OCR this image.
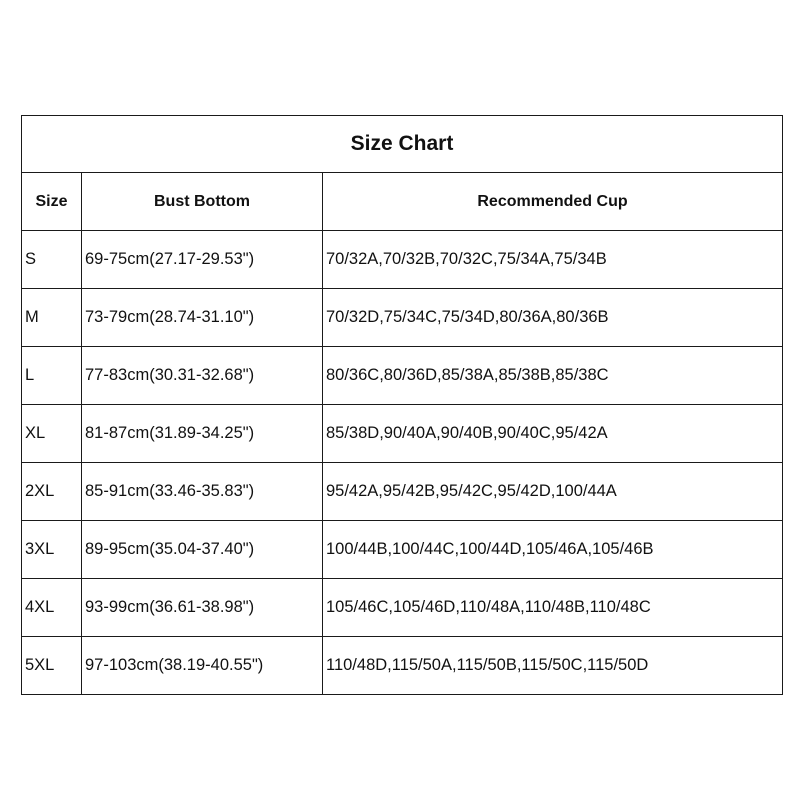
Size Chart		
Size	Bust Bottom	Recommended Cup
S	69-75cm(27.17-29.53")	70/32A,70/32B,70/32C,75/34A,75/34B
M	73-79cm(28.74-31.10")	70/32D,75/34C,75/34D,80/36A,80/36B
L	77-83cm(30.31-32.68")	80/36C,80/36D,85/38A,85/38B,85/38C
XL	81-87cm(31.89-34.25")	85/38D,90/40A,90/40B,90/40C,95/42A
2XL	85-91cm(33.46-35.83")	95/42A,95/42B,95/42C,95/42D,100/44A
3XL	89-95cm(35.04-37.40")	100/44B,100/44C,100/44D,105/46A,105/46B
4XL	93-99cm(36.61-38.98")	105/46C,105/46D,110/48A,110/48B,110/48C
5XL	97-103cm(38.19-40.55")	110/48D,115/50A,115/50B,115/50C,115/50D
